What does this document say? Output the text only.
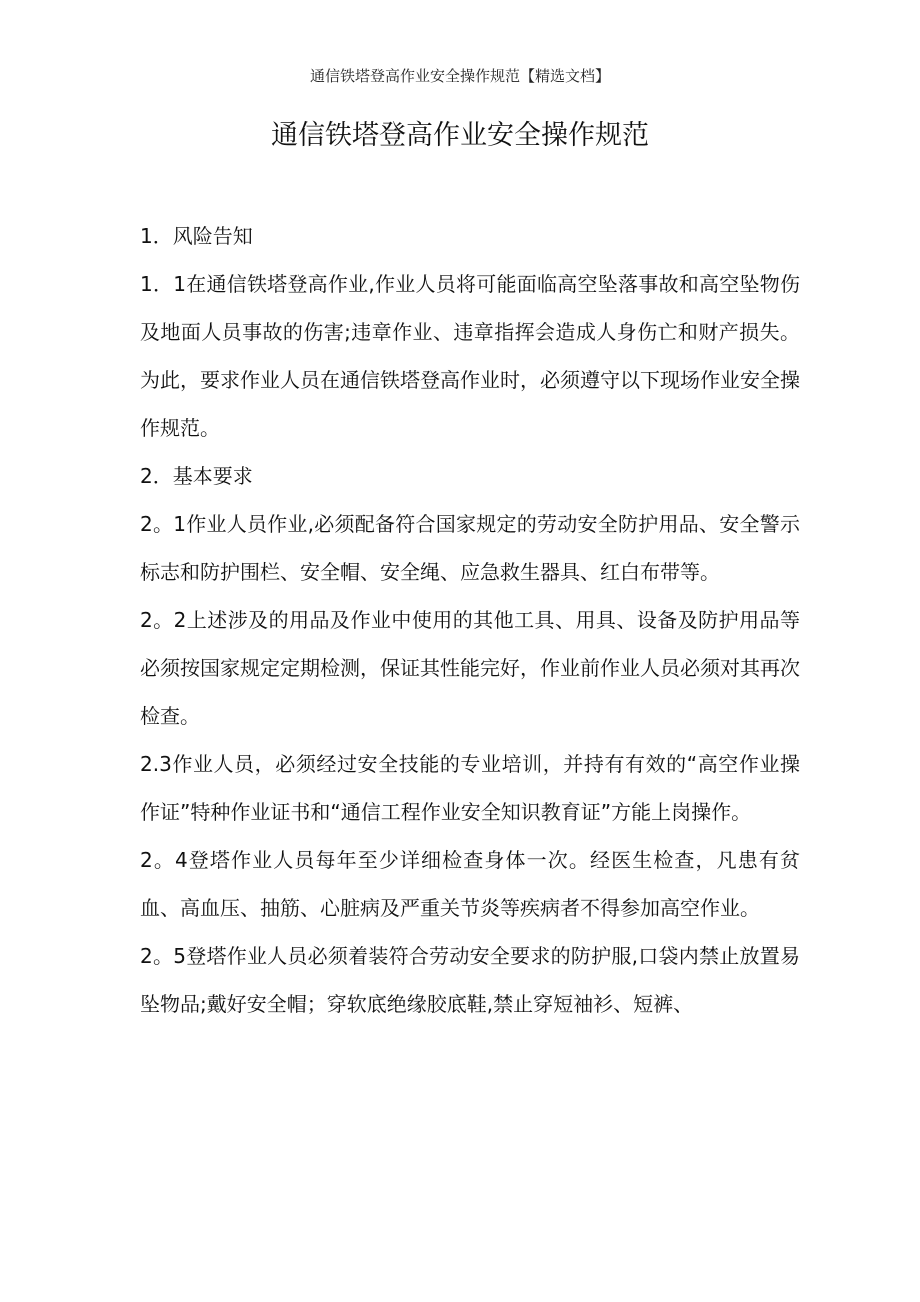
通信铁塔登高作业安全操作规范【精选文档】
通信铁塔登高作业安全操作规范

1．风险告知

1．1在通信铁塔登高作业,作业人员将可能面临高空坠落事故和高空坠物伤及地面人员事故的伤害;违章作业、违章指挥会造成人身伤亡和财产损失。为此，要求作业人员在通信铁塔登高作业时，必须遵守以下现场作业安全操作规范。

2．基本要求

2。1作业人员作业,必须配备符合国家规定的劳动安全防护用品、安全警示标志和防护围栏、安全帽、安全绳、应急救生器具、红白布带等。

2。2上述涉及的用品及作业中使用的其他工具、用具、设备及防护用品等必须按国家规定定期检测，保证其性能完好，作业前作业人员必须对其再次检查。

2.3作业人员，必须经过安全技能的专业培训，并持有有效的“高空作业操作证”特种作业证书和“通信工程作业安全知识教育证”方能上岗操作。

2。4登塔作业人员每年至少详细检查身体一次。经医生检查，凡患有贫血、高血压、抽筋、心脏病及严重关节炎等疾病者不得参加高空作业。

2。5登塔作业人员必须着装符合劳动安全要求的防护服,口袋内禁止放置易坠物品;戴好安全帽；穿软底绝缘胶底鞋,禁止穿短袖衫、短裤、
